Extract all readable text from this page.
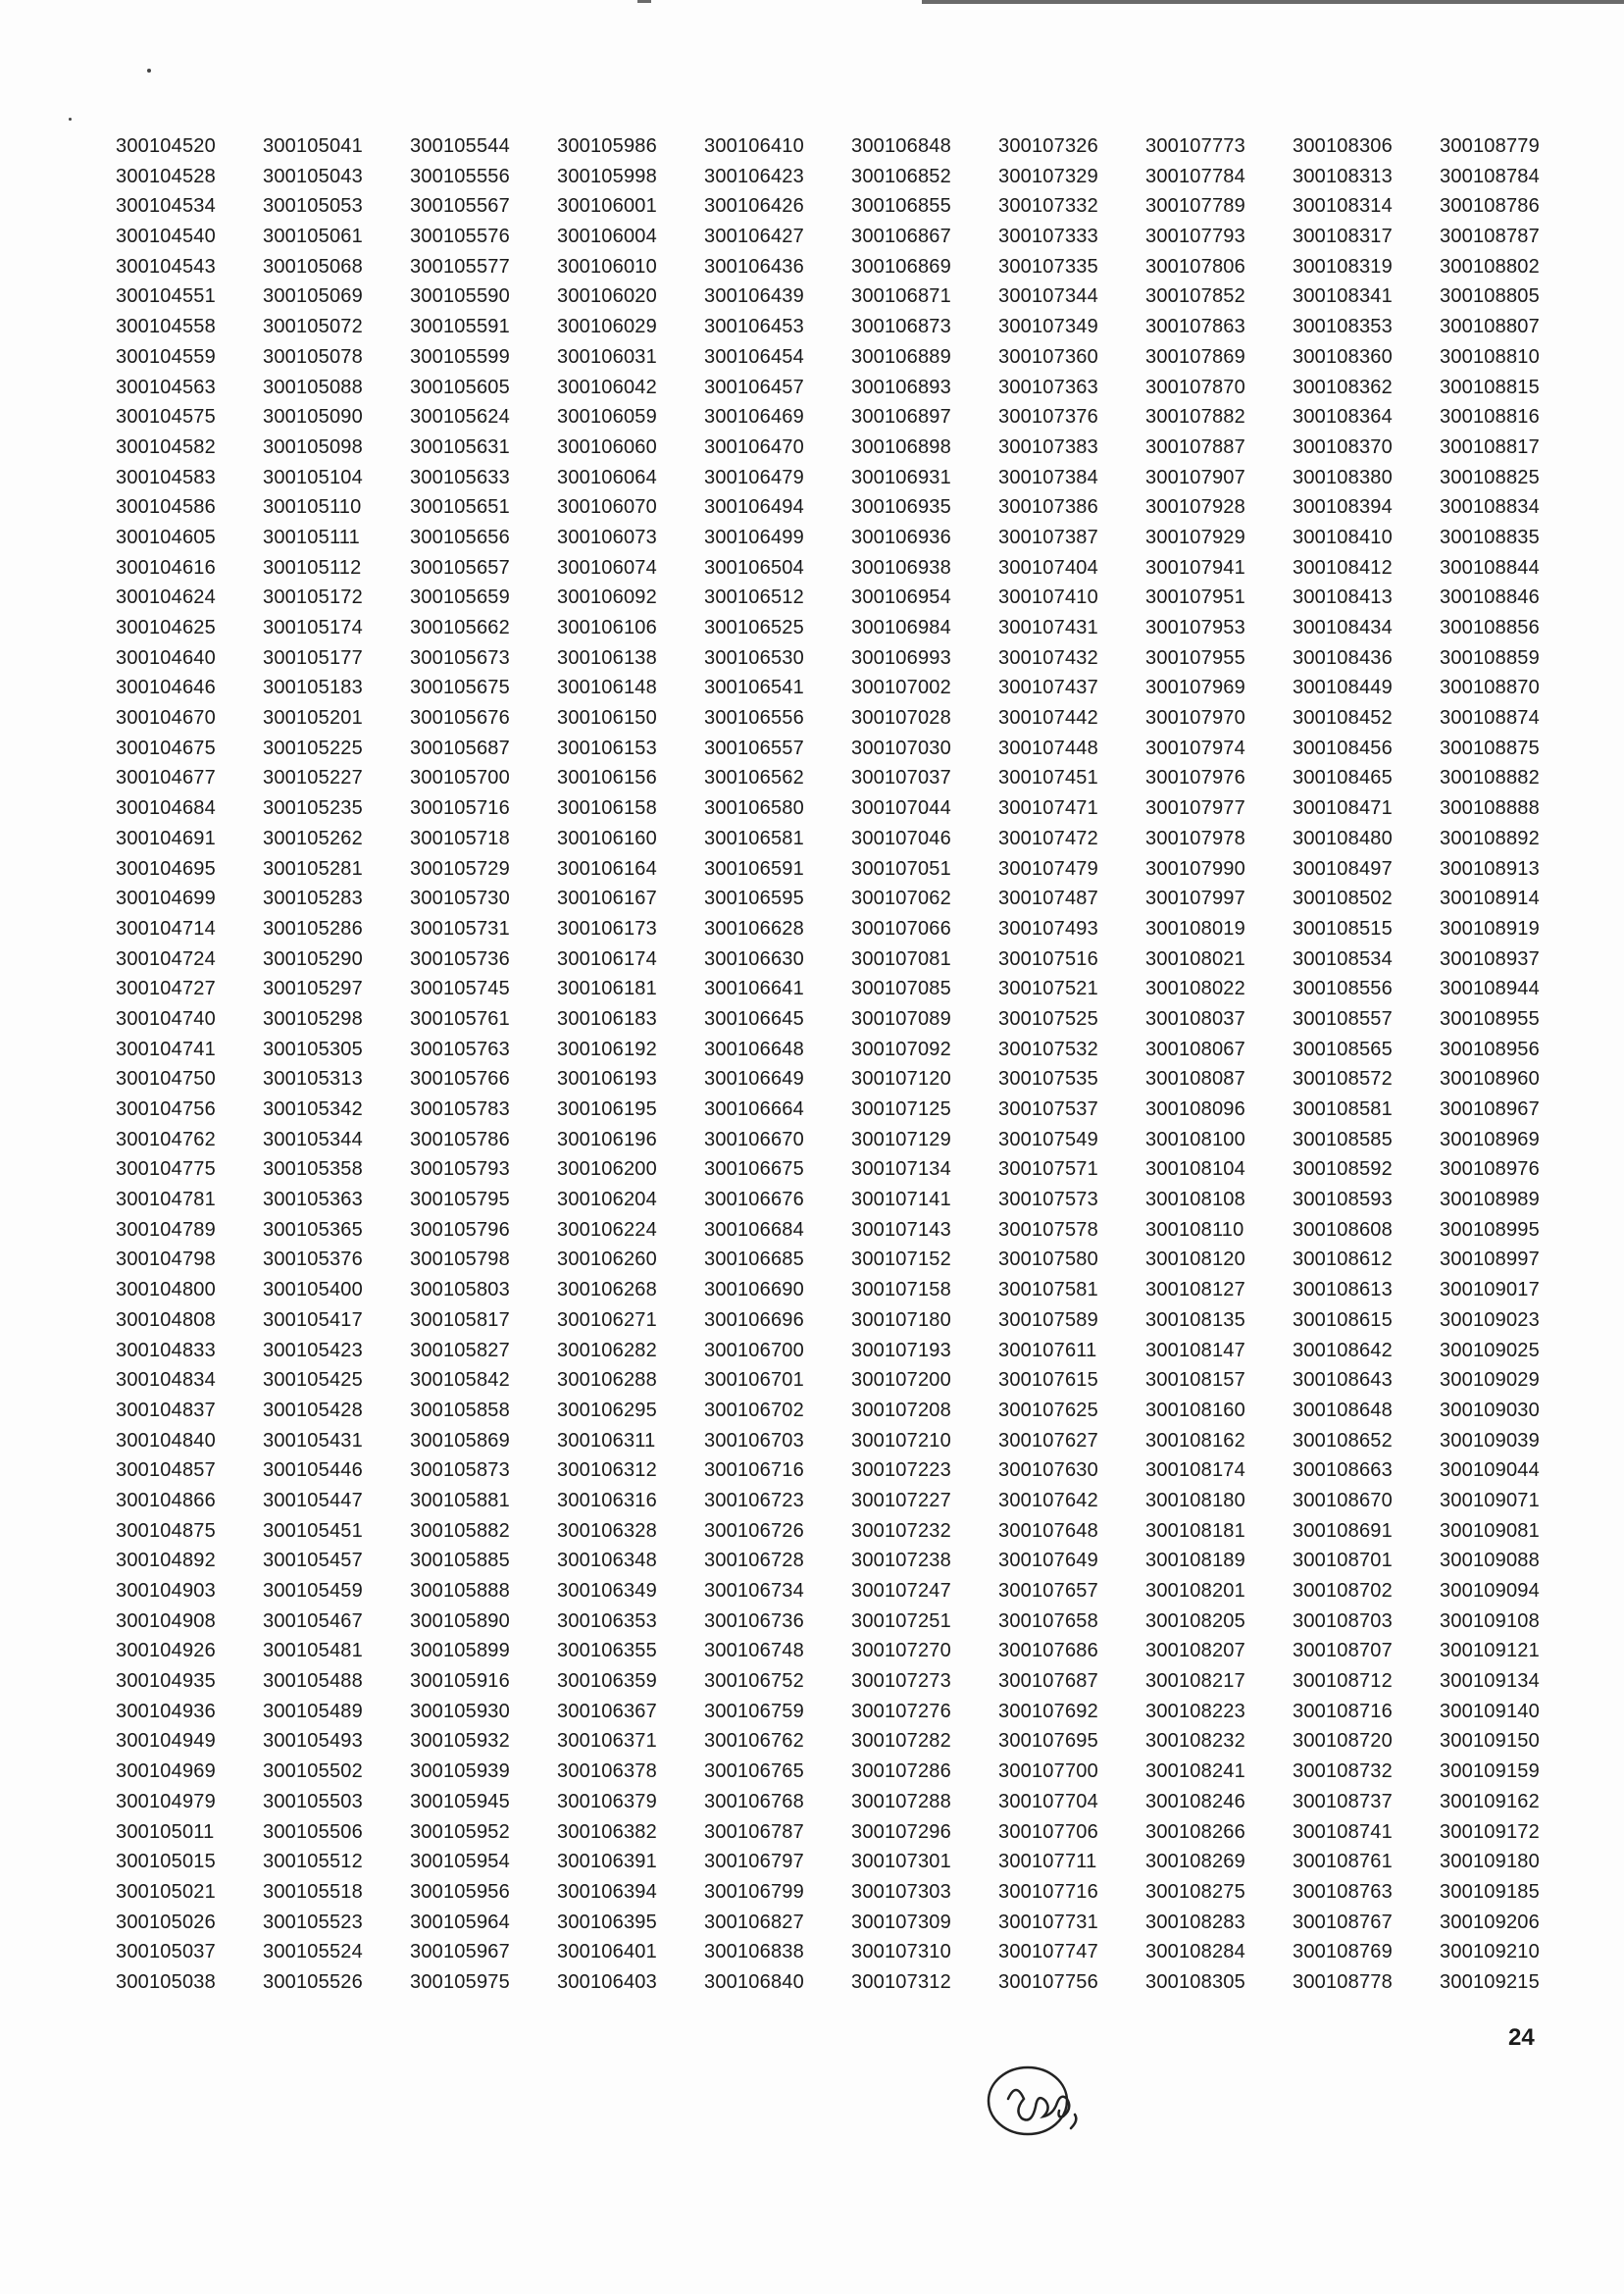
300104520
300104528
300104534
300104540
300104543
300104551
300104558
300104559
300104563
300104575
300104582
300104583
300104586
300104605
300104616
300104624
300104625
300104640
300104646
300104670
300104675
300104677
300104684
300104691
300104695
300104699
300104714
300104724
300104727
300104740
300104741
300104750
300104756
300104762
300104775
300104781
300104789
300104798
300104800
300104808
300104833
300104834
300104837
300104840
300104857
300104866
300104875
300104892
300104903
300104908
300104926
300104935
300104936
300104949
300104969
300104979
300105011
300105015
300105021
300105026
300105037
300105038
300105041
300105043
300105053
300105061
300105068
300105069
300105072
300105078
300105088
300105090
300105098
300105104
300105110
300105111
300105112
300105172
300105174
300105177
300105183
300105201
300105225
300105227
300105235
300105262
300105281
300105283
300105286
300105290
300105297
300105298
300105305
300105313
300105342
300105344
300105358
300105363
300105365
300105376
300105400
300105417
300105423
300105425
300105428
300105431
300105446
300105447
300105451
300105457
300105459
300105467
300105481
300105488
300105489
300105493
300105502
300105503
300105506
300105512
300105518
300105523
300105524
300105526
300105544
300105556
300105567
300105576
300105577
300105590
300105591
300105599
300105605
300105624
300105631
300105633
300105651
300105656
300105657
300105659
300105662
300105673
300105675
300105676
300105687
300105700
300105716
300105718
300105729
300105730
300105731
300105736
300105745
300105761
300105763
300105766
300105783
300105786
300105793
300105795
300105796
300105798
300105803
300105817
300105827
300105842
300105858
300105869
300105873
300105881
300105882
300105885
300105888
300105890
300105899
300105916
300105930
300105932
300105939
300105945
300105952
300105954
300105956
300105964
300105967
300105975
300105986
300105998
300106001
300106004
300106010
300106020
300106029
300106031
300106042
300106059
300106060
300106064
300106070
300106073
300106074
300106092
300106106
300106138
300106148
300106150
300106153
300106156
300106158
300106160
300106164
300106167
300106173
300106174
300106181
300106183
300106192
300106193
300106195
300106196
300106200
300106204
300106224
300106260
300106268
300106271
300106282
300106288
300106295
300106311
300106312
300106316
300106328
300106348
300106349
300106353
300106355
300106359
300106367
300106371
300106378
300106379
300106382
300106391
300106394
300106395
300106401
300106403
300106410
300106423
300106426
300106427
300106436
300106439
300106453
300106454
300106457
300106469
300106470
300106479
300106494
300106499
300106504
300106512
300106525
300106530
300106541
300106556
300106557
300106562
300106580
300106581
300106591
300106595
300106628
300106630
300106641
300106645
300106648
300106649
300106664
300106670
300106675
300106676
300106684
300106685
300106690
300106696
300106700
300106701
300106702
300106703
300106716
300106723
300106726
300106728
300106734
300106736
300106748
300106752
300106759
300106762
300106765
300106768
300106787
300106797
300106799
300106827
300106838
300106840
300106848
300106852
300106855
300106867
300106869
300106871
300106873
300106889
300106893
300106897
300106898
300106931
300106935
300106936
300106938
300106954
300106984
300106993
300107002
300107028
300107030
300107037
300107044
300107046
300107051
300107062
300107066
300107081
300107085
300107089
300107092
300107120
300107125
300107129
300107134
300107141
300107143
300107152
300107158
300107180
300107193
300107200
300107208
300107210
300107223
300107227
300107232
300107238
300107247
300107251
300107270
300107273
300107276
300107282
300107286
300107288
300107296
300107301
300107303
300107309
300107310
300107312
300107326
300107329
300107332
300107333
300107335
300107344
300107349
300107360
300107363
300107376
300107383
300107384
300107386
300107387
300107404
300107410
300107431
300107432
300107437
300107442
300107448
300107451
300107471
300107472
300107479
300107487
300107493
300107516
300107521
300107525
300107532
300107535
300107537
300107549
300107571
300107573
300107578
300107580
300107581
300107589
300107611
300107615
300107625
300107627
300107630
300107642
300107648
300107649
300107657
300107658
300107686
300107687
300107692
300107695
300107700
300107704
300107706
300107711
300107716
300107731
300107747
300107756
300107773
300107784
300107789
300107793
300107806
300107852
300107863
300107869
300107870
300107882
300107887
300107907
300107928
300107929
300107941
300107951
300107953
300107955
300107969
300107970
300107974
300107976
300107977
300107978
300107990
300107997
300108019
300108021
300108022
300108037
300108067
300108087
300108096
300108100
300108104
300108108
300108110
300108120
300108127
300108135
300108147
300108157
300108160
300108162
300108174
300108180
300108181
300108189
300108201
300108205
300108207
300108217
300108223
300108232
300108241
300108246
300108266
300108269
300108275
300108283
300108284
300108305
300108306
300108313
300108314
300108317
300108319
300108341
300108353
300108360
300108362
300108364
300108370
300108380
300108394
300108410
300108412
300108413
300108434
300108436
300108449
300108452
300108456
300108465
300108471
300108480
300108497
300108502
300108515
300108534
300108556
300108557
300108565
300108572
300108581
300108585
300108592
300108593
300108608
300108612
300108613
300108615
300108642
300108643
300108648
300108652
300108663
300108670
300108691
300108701
300108702
300108703
300108707
300108712
300108716
300108720
300108732
300108737
300108741
300108761
300108763
300108767
300108769
300108778
300108779
300108784
300108786
300108787
300108802
300108805
300108807
300108810
300108815
300108816
300108817
300108825
300108834
300108835
300108844
300108846
300108856
300108859
300108870
300108874
300108875
300108882
300108888
300108892
300108913
300108914
300108919
300108937
300108944
300108955
300108956
300108960
300108967
300108969
300108976
300108989
300108995
300108997
300109017
300109023
300109025
300109029
300109030
300109039
300109044
300109071
300109081
300109088
300109094
300109108
300109121
300109134
300109140
300109150
300109159
300109162
300109172
300109180
300109185
300109206
300109210
300109215
24
